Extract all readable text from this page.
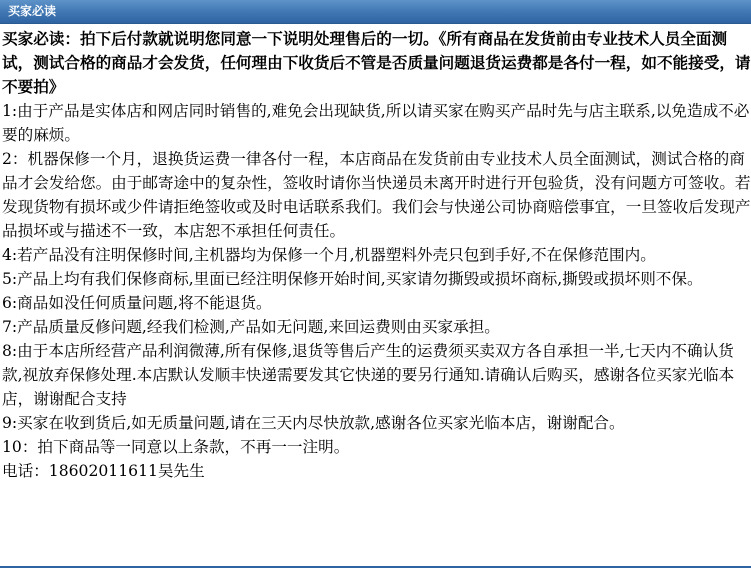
买家必读

买家必读：拍下后付款就说明您同意一下说明处理售后的一切。《所有商品在发货前由专业技术人员全面测试，测试合格的商品才会发货，任何理由下收货后不管是否质量问题退货运费都是各付一程，如不能接受，请不要拍》

1:由于产品是实体店和网店同时销售的,难免会出现缺货,所以请买家在购买产品时先与店主联系,以免造成不必要的麻烦。

2：机器保修一个月，退换货运费一律各付一程，本店商品在发货前由专业技术人员全面测试，测试合格的商品才会发给您。由于邮寄途中的复杂性，签收时请你当快递员未离开时进行开包验货，没有问题方可签收。若发现货物有损坏或少件请拒绝签收或及时电话联系我们。我们会与快递公司协商赔偿事宜，一旦签收后发现产品损坏或与描述不一致，本店恕不承担任何责任。

4:若产品没有注明保修时间,主机器均为保修一个月,机器塑料外壳只包到手好,不在保修范围内。

5:产品上均有我们保修商标,里面已经注明保修开始时间,买家请勿撕毁或损坏商标,撕毁或损坏则不保。

6:商品如没任何质量问题,将不能退货。

7:产品质量反修问题,经我们检测,产品如无问题,来回运费则由买家承担。

8:由于本店所经营产品利润微薄,所有保修,退货等售后产生的运费须买卖双方各自承担一半,七天内不确认货款,视放弃保修处理.本店默认发顺丰快递需要发其它快递的要另行通知.请确认后购买，感谢各位买家光临本店，谢谢配合支持

9:买家在收到货后,如无质量问题,请在三天内尽快放款,感谢各位买家光临本店，谢谢配合。

10：拍下商品等一同意以上条款，不再一一注明。

电话：18602011611吴先生
